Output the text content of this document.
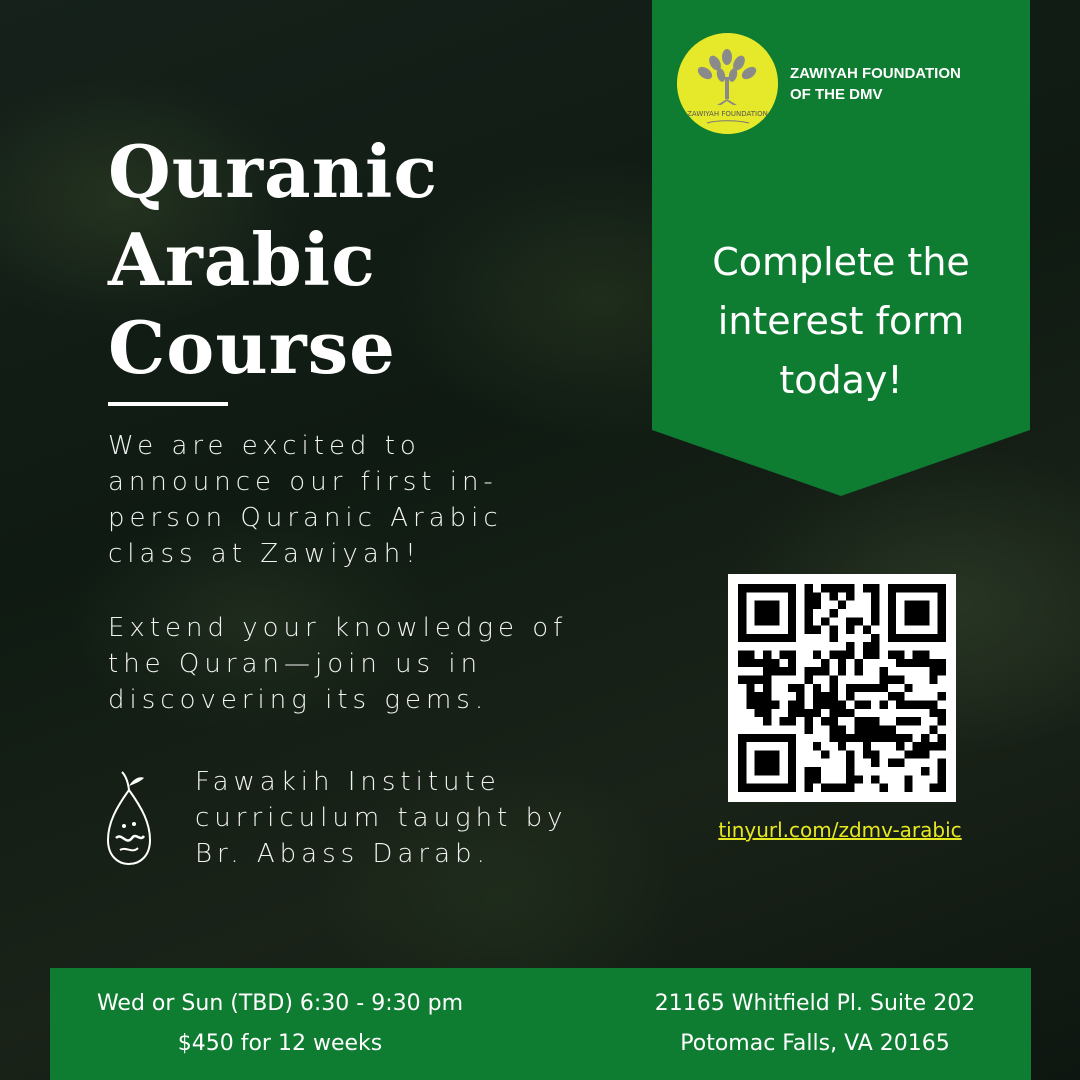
Quranic
Arabic
Course

We are excited to
announce our first in-
person Quranic Arabic
class at Zawiyah!

Extend your knowledge of
the Quran—join us in
discovering its gems.

Fawakih Institute
curriculum taught by
Br. Abass Darab.

ZAWIYAH FOUNDATION

ZAWIYAH FOUNDATION
OF THE DMV

Complete the
interest form
today!

tinyurl.com/zdmv-arabic
Wed or Sun (TBD) 6:30 - 9:30 pm
$450 for 12 weeks
21165 Whitfield Pl. Suite 202
Potomac Falls, VA 20165
